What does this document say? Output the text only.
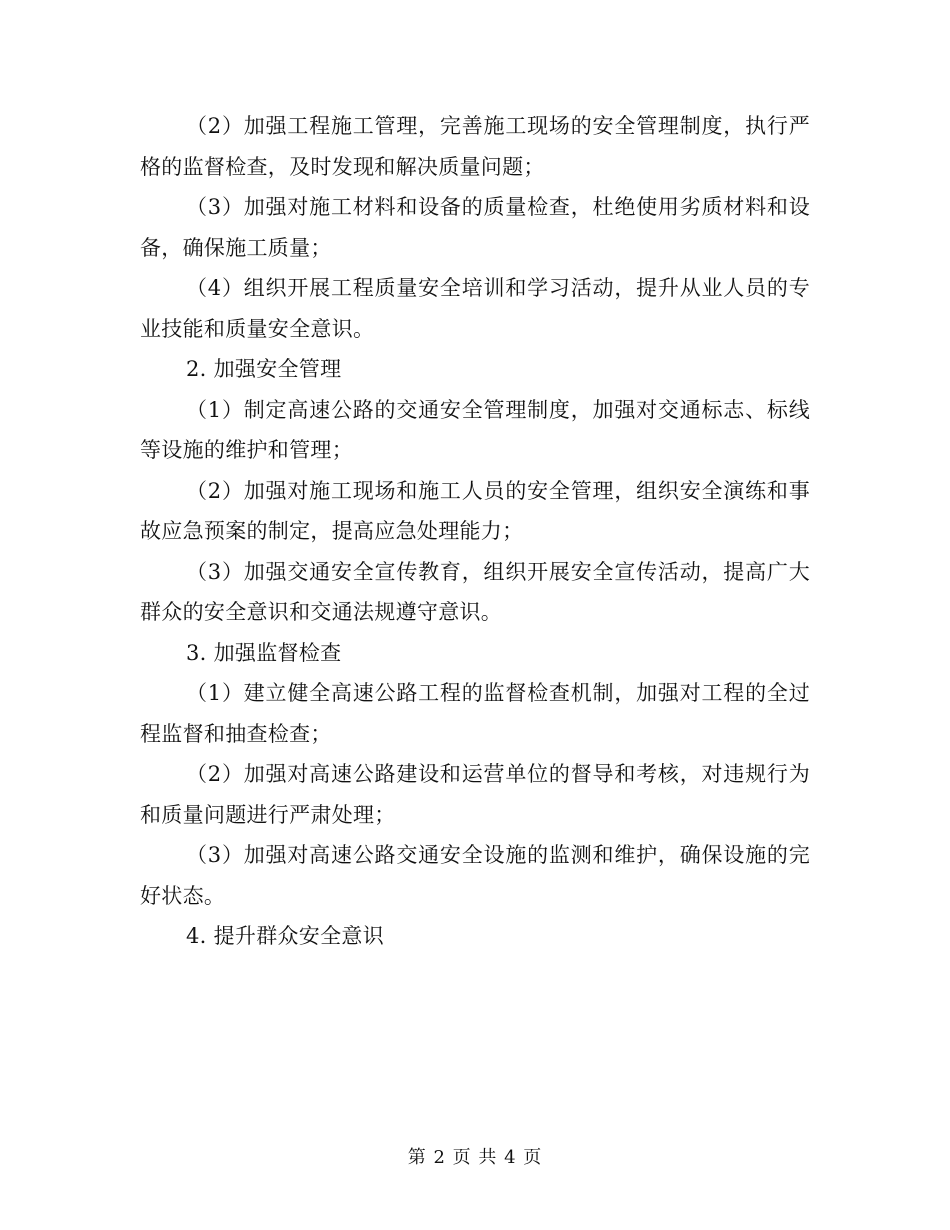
（2）加强工程施工管理，完善施工现场的安全管理制度，执行严格的监督检查，及时发现和解决质量问题；

（3）加强对施工材料和设备的质量检查，杜绝使用劣质材料和设备，确保施工质量；

（4）组织开展工程质量安全培训和学习活动，提升从业人员的专业技能和质量安全意识。

2. 加强安全管理

（1）制定高速公路的交通安全管理制度，加强对交通标志、标线等设施的维护和管理；

（2）加强对施工现场和施工人员的安全管理，组织安全演练和事故应急预案的制定，提高应急处理能力；

（3）加强交通安全宣传教育，组织开展安全宣传活动，提高广大群众的安全意识和交通法规遵守意识。

3. 加强监督检查

（1）建立健全高速公路工程的监督检查机制，加强对工程的全过程监督和抽查检查；

（2）加强对高速公路建设和运营单位的督导和考核，对违规行为和质量问题进行严肃处理；

（3）加强对高速公路交通安全设施的监测和维护，确保设施的完好状态。

4. 提升群众安全意识

第 2 页 共 4 页
